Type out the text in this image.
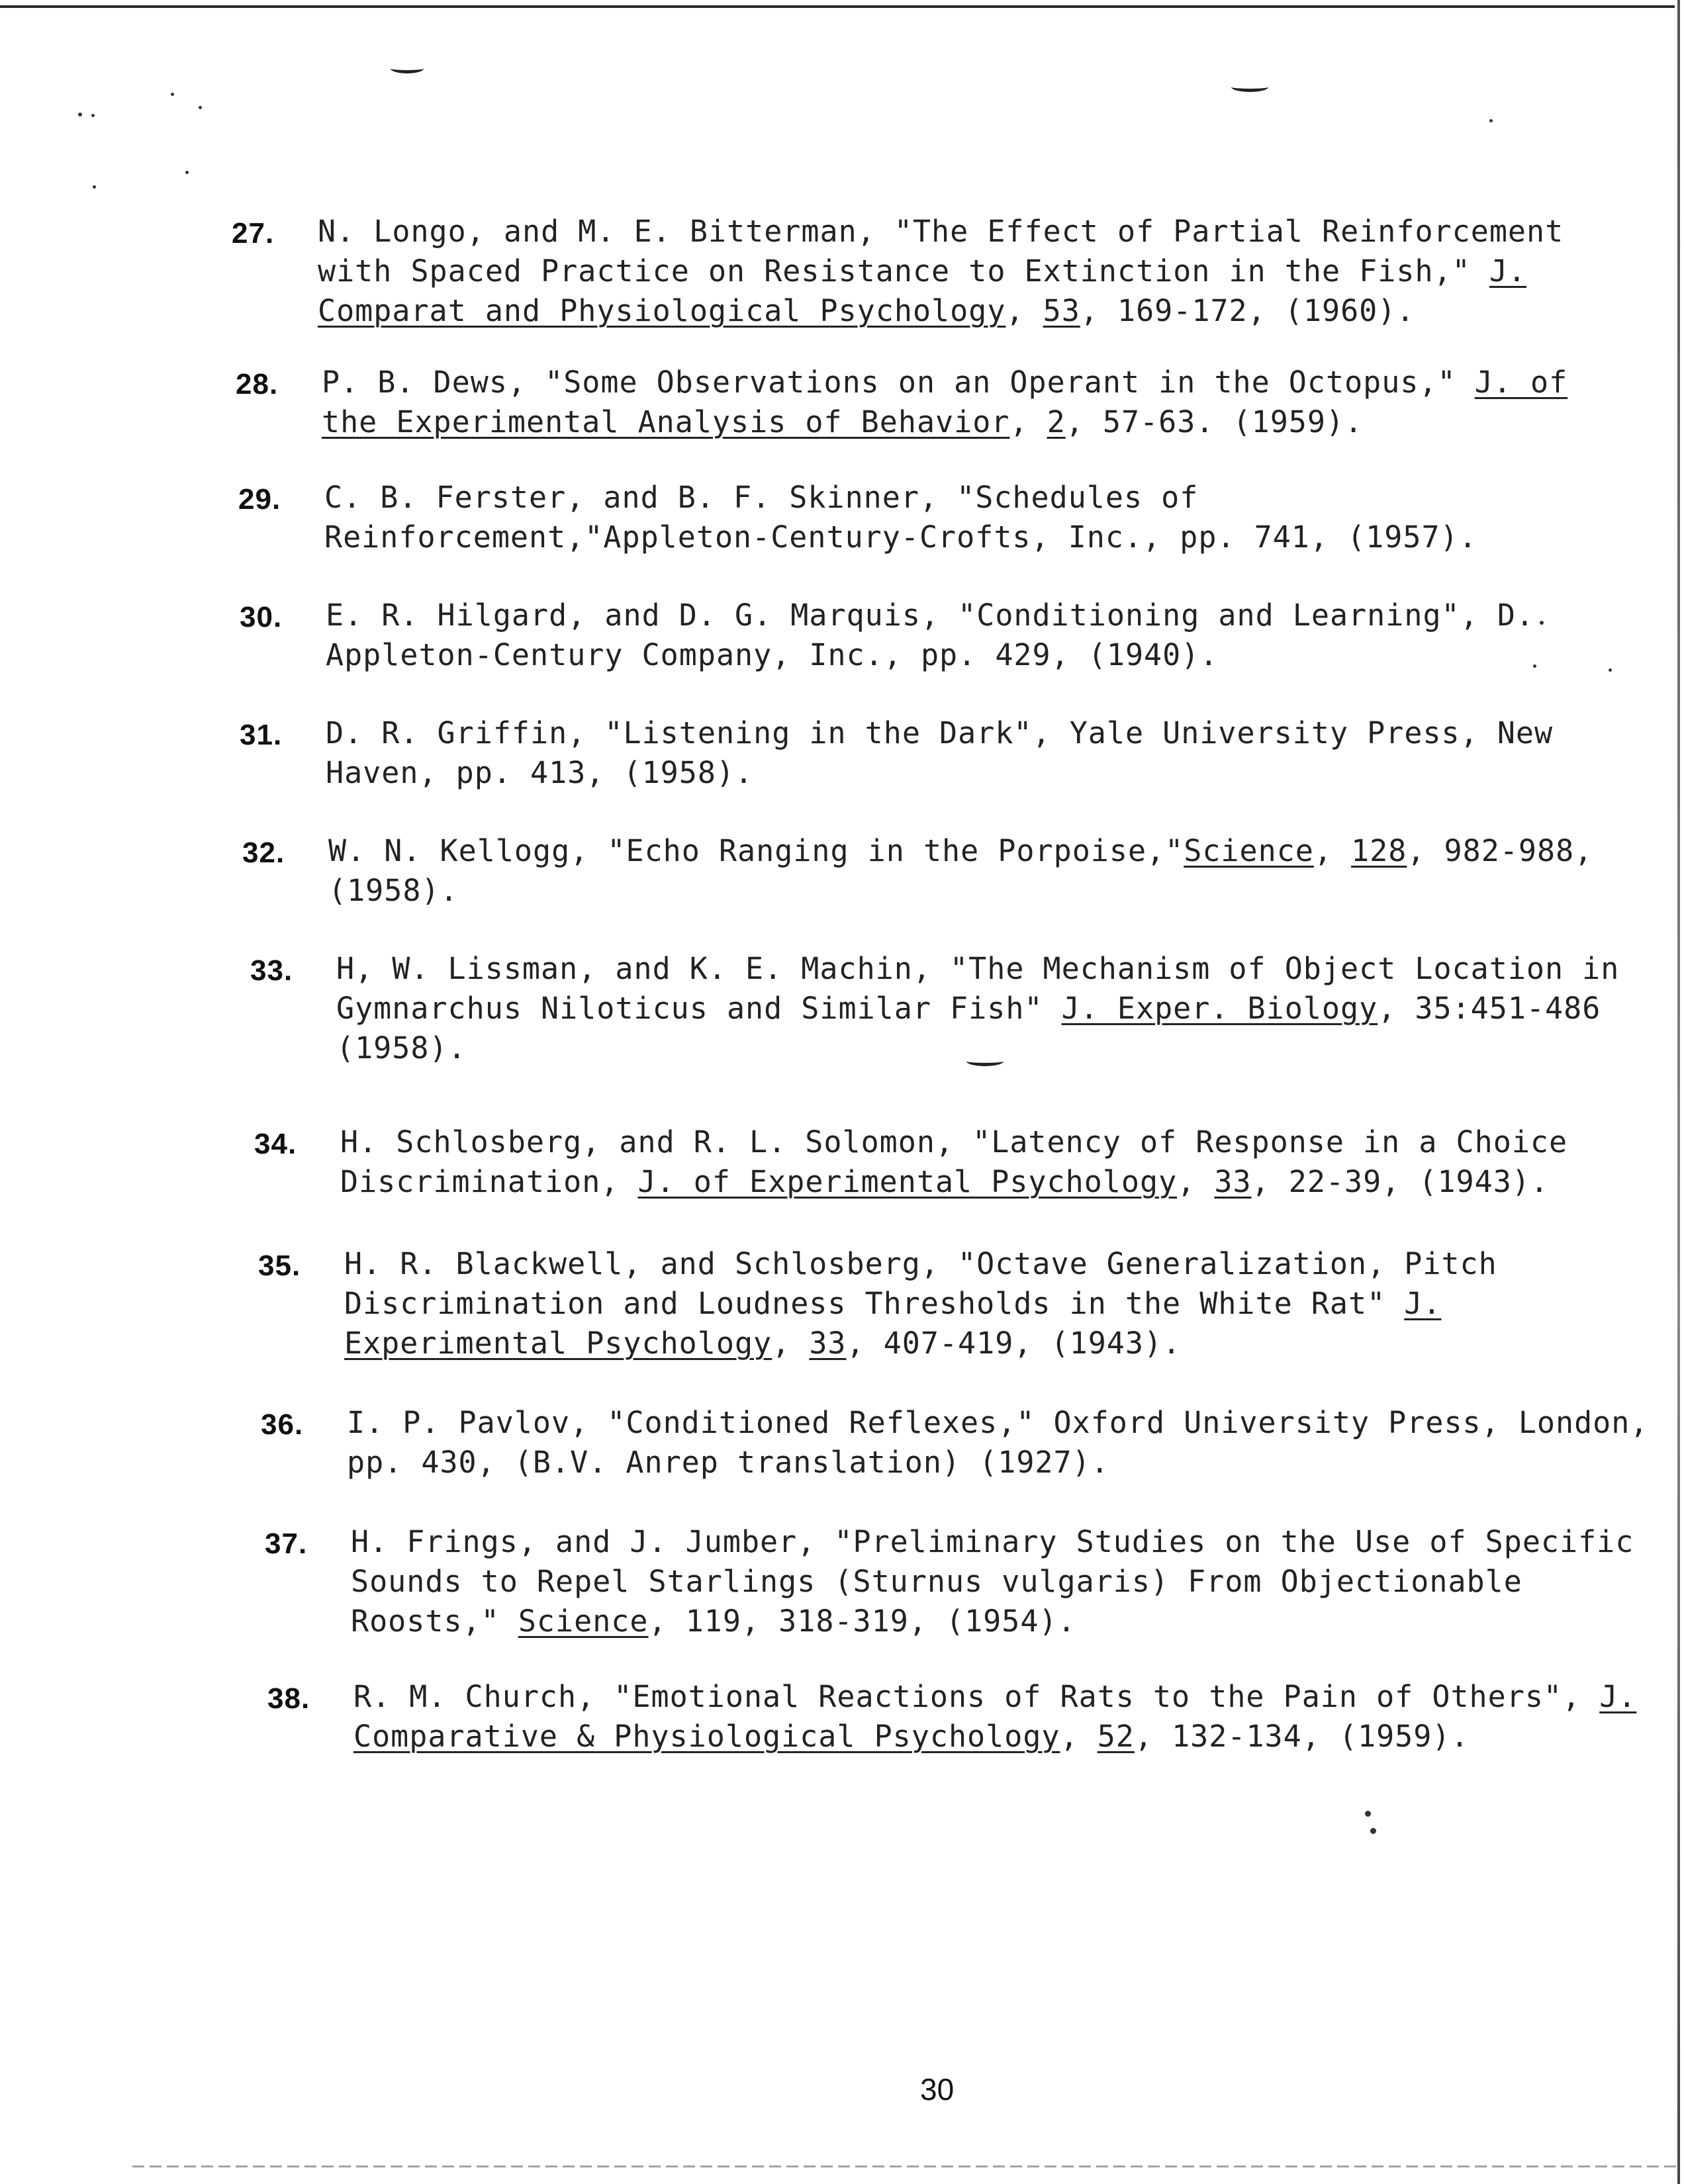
27.	N. Longo, and M. E. Bitterman, "The Effect of Partial Reinforcement with Spaced Practice on Resistance to Extinction in the Fish," J. Comparat and Physiological Psychology, 53, 169-172, (1960).
28.	P. B. Dews, "Some Observations on an Operant in the Octopus," J. of the Experimental Analysis of Behavior, 2, 57-63. (1959).
29.	C. B. Ferster, and B. F. Skinner, "Schedules of Reinforcement,"Appleton-Century-Crofts, Inc., pp. 741, (1957).
30.	E. R. Hilgard, and D. G. Marquis, "Conditioning and Learning", D. Appleton-Century Company, Inc., pp. 429, (1940).
31.	D. R. Griffin, "Listening in the Dark", Yale University Press, New Haven, pp. 413, (1958).
32.	W. N. Kellogg, "Echo Ranging in the Porpoise,"Science, 128, 982-988, (1958).
33.	H, W. Lissman, and K. E. Machin, "The Mechanism of Object Location in Gymnarchus Niloticus and Similar Fish" J. Exper. Biology, 35:451-486 (1958).
34.	H. Schlosberg, and R. L. Solomon, "Latency of Response in a Choice Discrimination, J. of Experimental Psychology, 33, 22-39, (1943).
35.	H. R. Blackwell, and Schlosberg, "Octave Generalization, Pitch Discrimination and Loudness Thresholds in the White Rat" J. Experimental Psychology, 33, 407-419, (1943).
36.	I. P. Pavlov, "Conditioned Reflexes," Oxford University Press, London, pp. 430, (B.V. Anrep translation) (1927).
37.	H. Frings, and J. Jumber, "Preliminary Studies on the Use of Specific Sounds to Repel Starlings (Sturnus vulgaris) From Objectionable Roosts," Science, 119, 318-319, (1954).
38.	R. M. Church, "Emotional Reactions of Rats to the Pain of Others", J. Comparative & Physiological Psychology, 52, 132-134, (1959).
30
